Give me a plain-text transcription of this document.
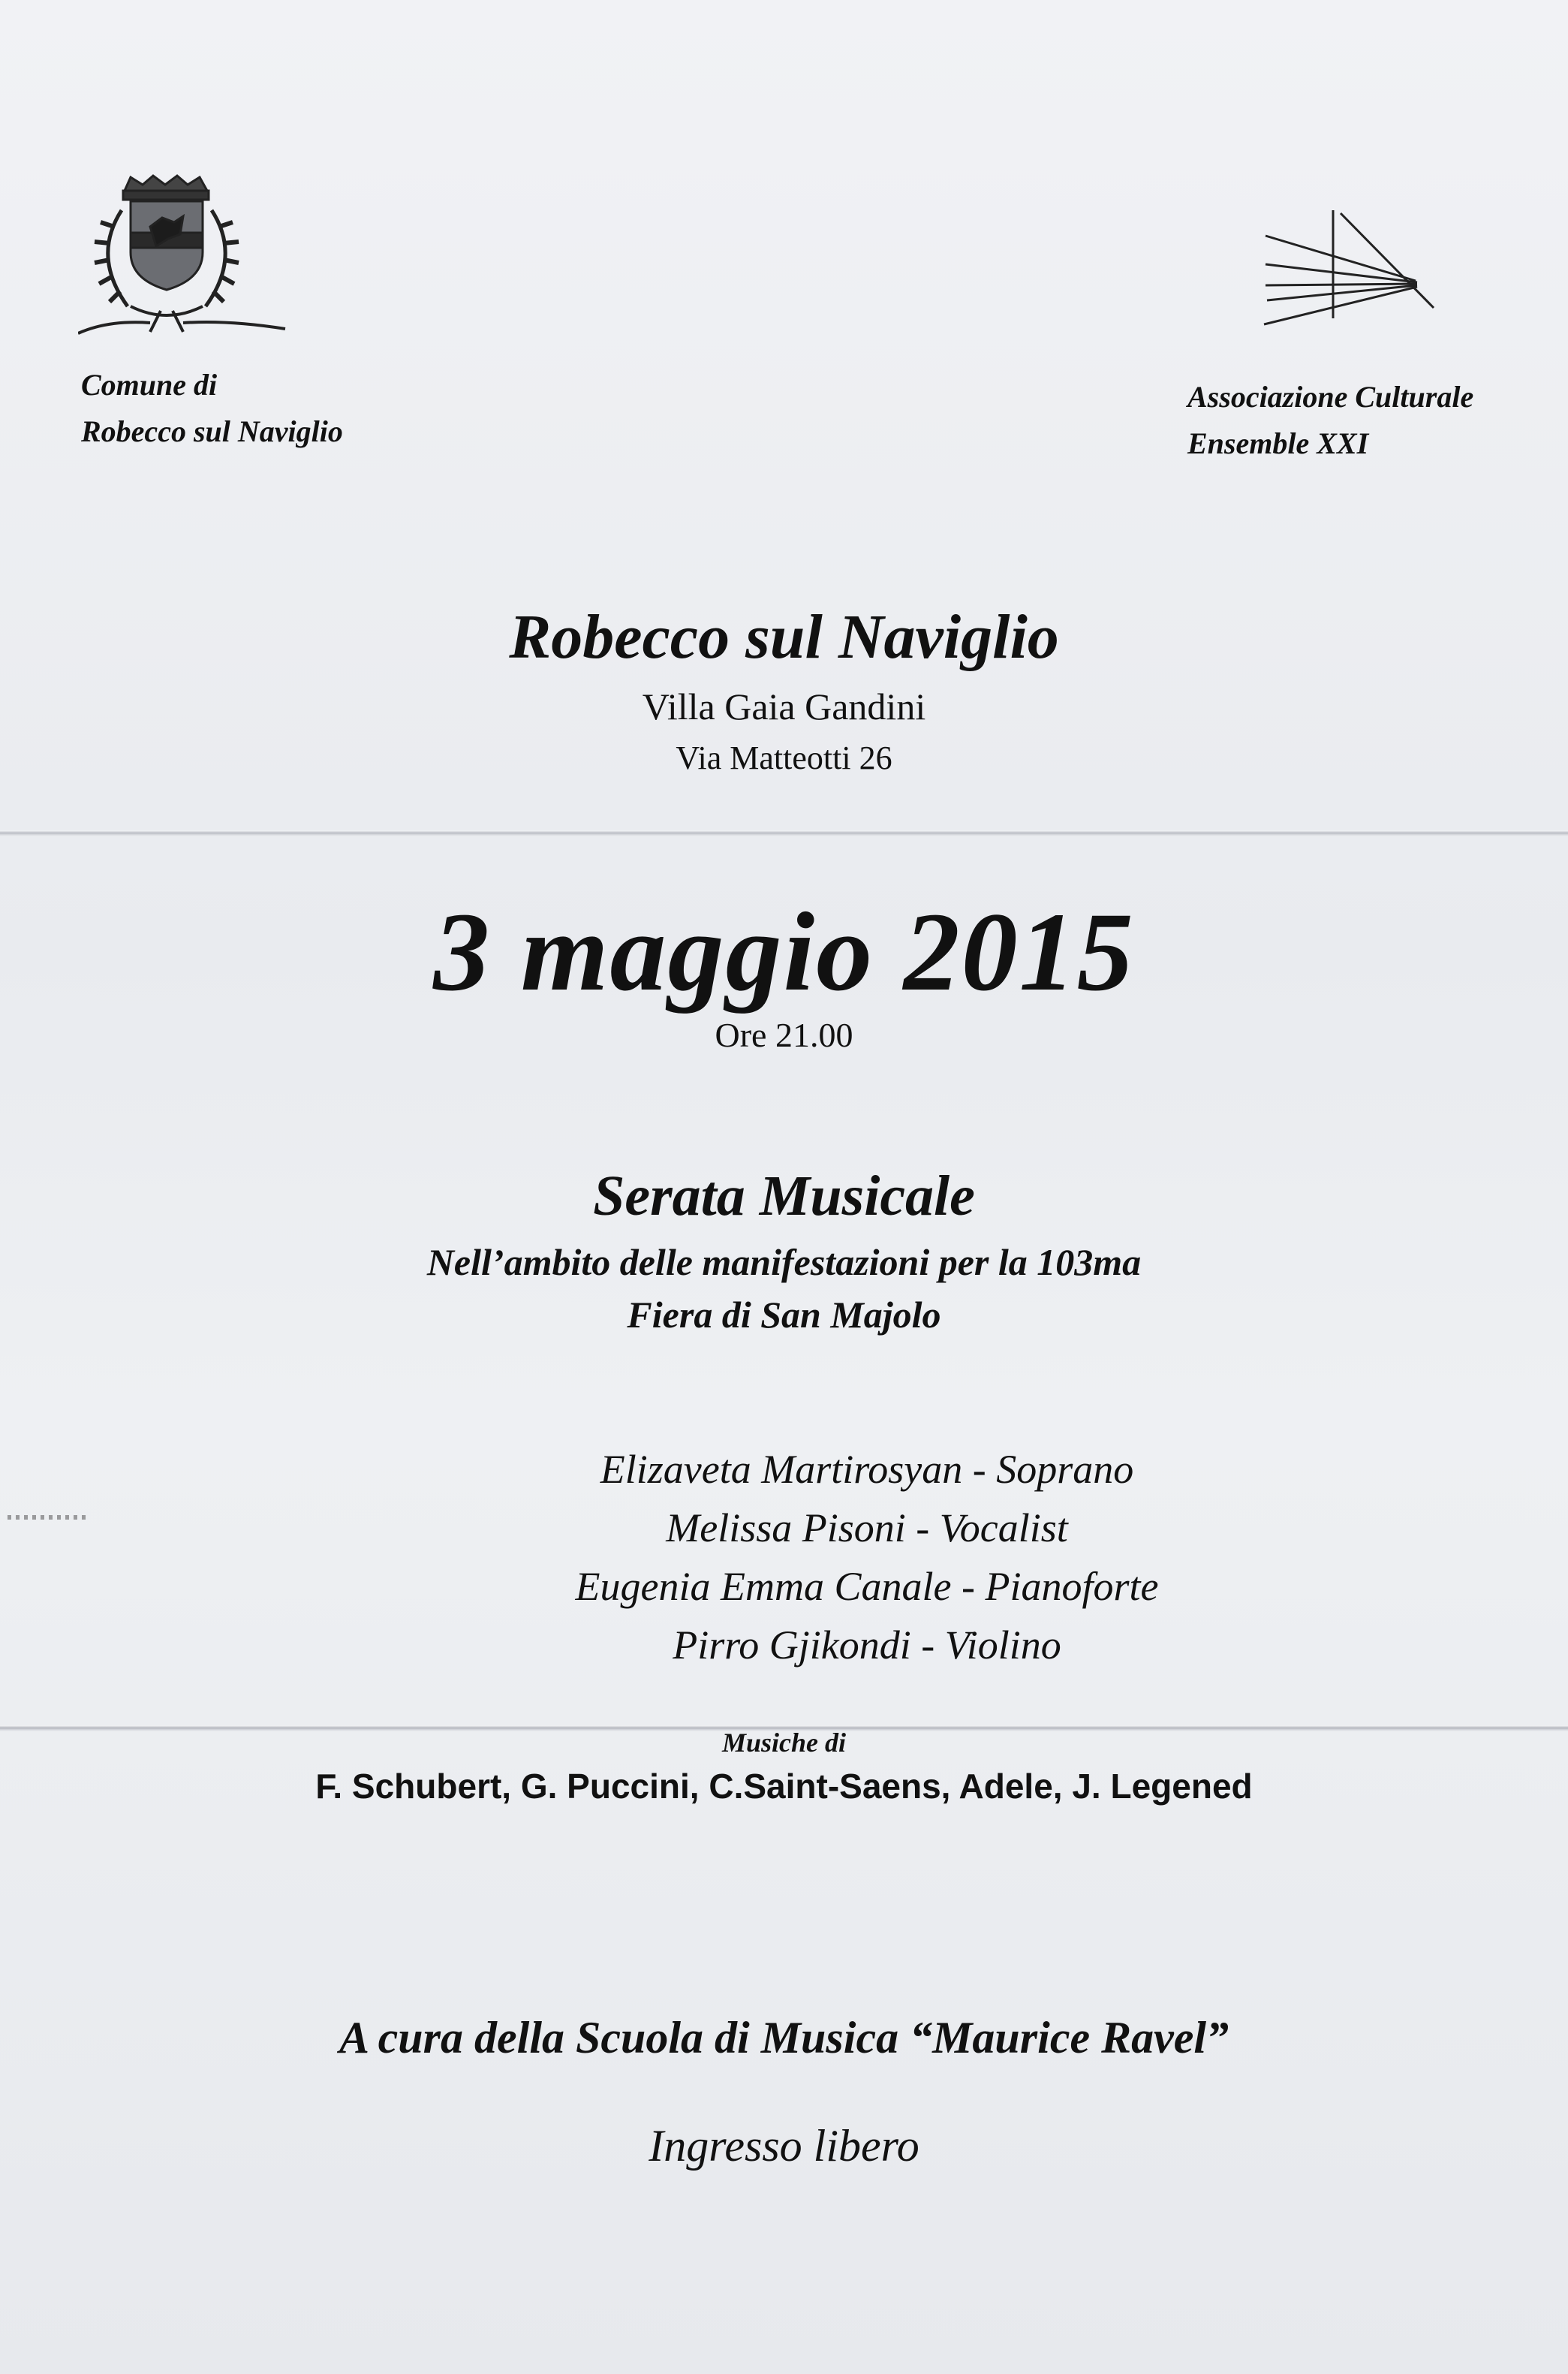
Comune di
Robecco sul Naviglio
Associazione Culturale
Ensemble XXI
Robecco sul Naviglio
Villa Gaia Gandini
Via Matteotti 26
3 maggio 2015
Ore 21.00
Serata Musicale
Nell’ambito delle manifestazioni per la 103ma
Fiera di San Majolo
Elizaveta Martirosyan - Soprano
Melissa Pisoni - Vocalist
Eugenia Emma Canale - Pianoforte
Pirro Gjikondi - Violino
Musiche di
F. Schubert, G. Puccini, C.Saint-Saens, Adele, J. Legened
A cura della Scuola di Musica “Maurice Ravel”
Ingresso libero
